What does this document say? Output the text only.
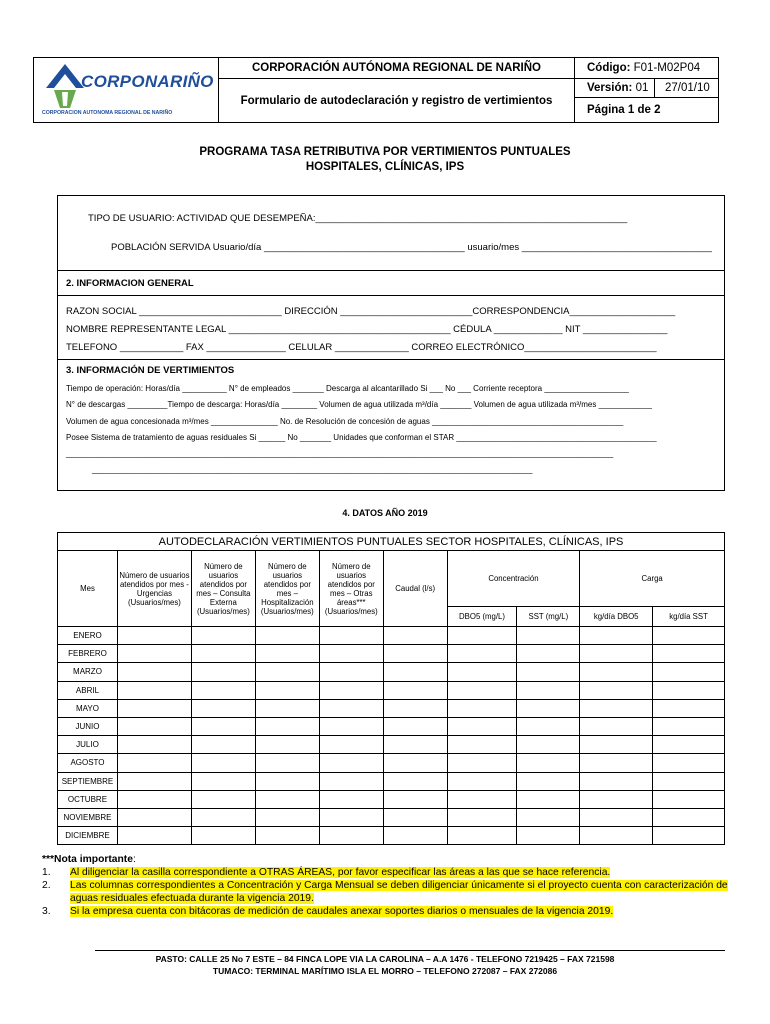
CORPONARIÑO
CORPORACION AUTONOMA REGIONAL DE NARIÑO
CORPORACIÓN AUTÓNOMA REGIONAL DE NARIÑO
Formulario de autodeclaración y registro de vertimientos
Código: F01-M02P04
Versión: 01	27/01/10
Página 1 de 2
PROGRAMA TASA RETRIBUTIVA POR VERTIMIENTOS PUNTUALES
HOSPITALES, CLÍNICAS, IPS
TIPO DE USUARIO: ACTIVIDAD QUE DESEMPEÑA:___________________________________________________________
POBLACIÓN SERVIDA Usuario/día ______________________________________ usuario/mes ____________________________________
2. INFORMACION GENERAL
RAZON SOCIAL ___________________________ DIRECCIÓN _________________________CORRESPONDENCIA____________________
NOMBRE REPRESENTANTE LEGAL __________________________________________ CÉDULA _____________ NIT ________________
TELEFONO ____________ FAX _______________ CELULAR ______________ CORREO ELECTRÓNICO_________________________
3. INFORMACIÓN DE VERTIMIENTOS
Tiempo de operación: Horas/día __________ N° de empleados _______ Descarga al alcantarillado Si ___ No ___ Corriente receptora ___________________
N° de descargas _________Tiempo de descarga: Horas/día ________ Volumen de agua utilizada m³/día _______ Volumen de agua utilizada m³/mes ____________
Volumen de agua concesionada m³/mes _______________ No. de Resolución de concesión de aguas ___________________________________________
Posee Sistema de tratamiento de aguas residuales Si ______ No _______ Unidades que conforman el STAR _____________________________________________
___________________________________________________________________________________________________________________________
___________________________________________________________________________________________________
4. DATOS AÑO 2019
AUTODECLARACIÓN VERTIMIENTOS PUNTUALES SECTOR HOSPITALES, CLÍNICAS, IPS									
Mes	Número de usuarios atendidos por mes - Urgencias (Usuarios/mes)	Número de usuarios atendidos por mes – Consulta Externa (Usuarios/mes)	Número de usuarios atendidos por mes – Hospitalización (Usuarios/mes)	Número de usuarios atendidos por mes – Otras áreas*** (Usuarios/mes)	Caudal (l/s)	Concentración		Carga	
						DBO5 (mg/L)	SST (mg/L)	kg/día DBO5	kg/día SST
ENERO									
FEBRERO									
MARZO									
ABRIL									
MAYO									
JUNIO									
JULIO									
AGOSTO									
SEPTIEMBRE									
OCTUBRE									
NOVIEMBRE									
DICIEMBRE									
***Nota importante:
1. Al diligenciar la casilla correspondiente a OTRAS ÁREAS, por favor especificar las áreas a las que se hace referencia.
2. Las columnas correspondientes a Concentración y Carga Mensual se deben diligenciar únicamente si el proyecto cuenta con caracterización de aguas residuales efectuada durante la vigencia 2019.
3. Si la empresa cuenta con bitácoras de medición de caudales anexar soportes diarios o mensuales de la vigencia 2019.
PASTO: CALLE 25 No 7 ESTE – 84 FINCA LOPE VIA LA CAROLINA – A.A 1476 - TELEFONO 7219425 – FAX 721598
TUMACO: TERMINAL MARÍTIMO ISLA EL MORRO – TELEFONO 272087 – FAX 272086
